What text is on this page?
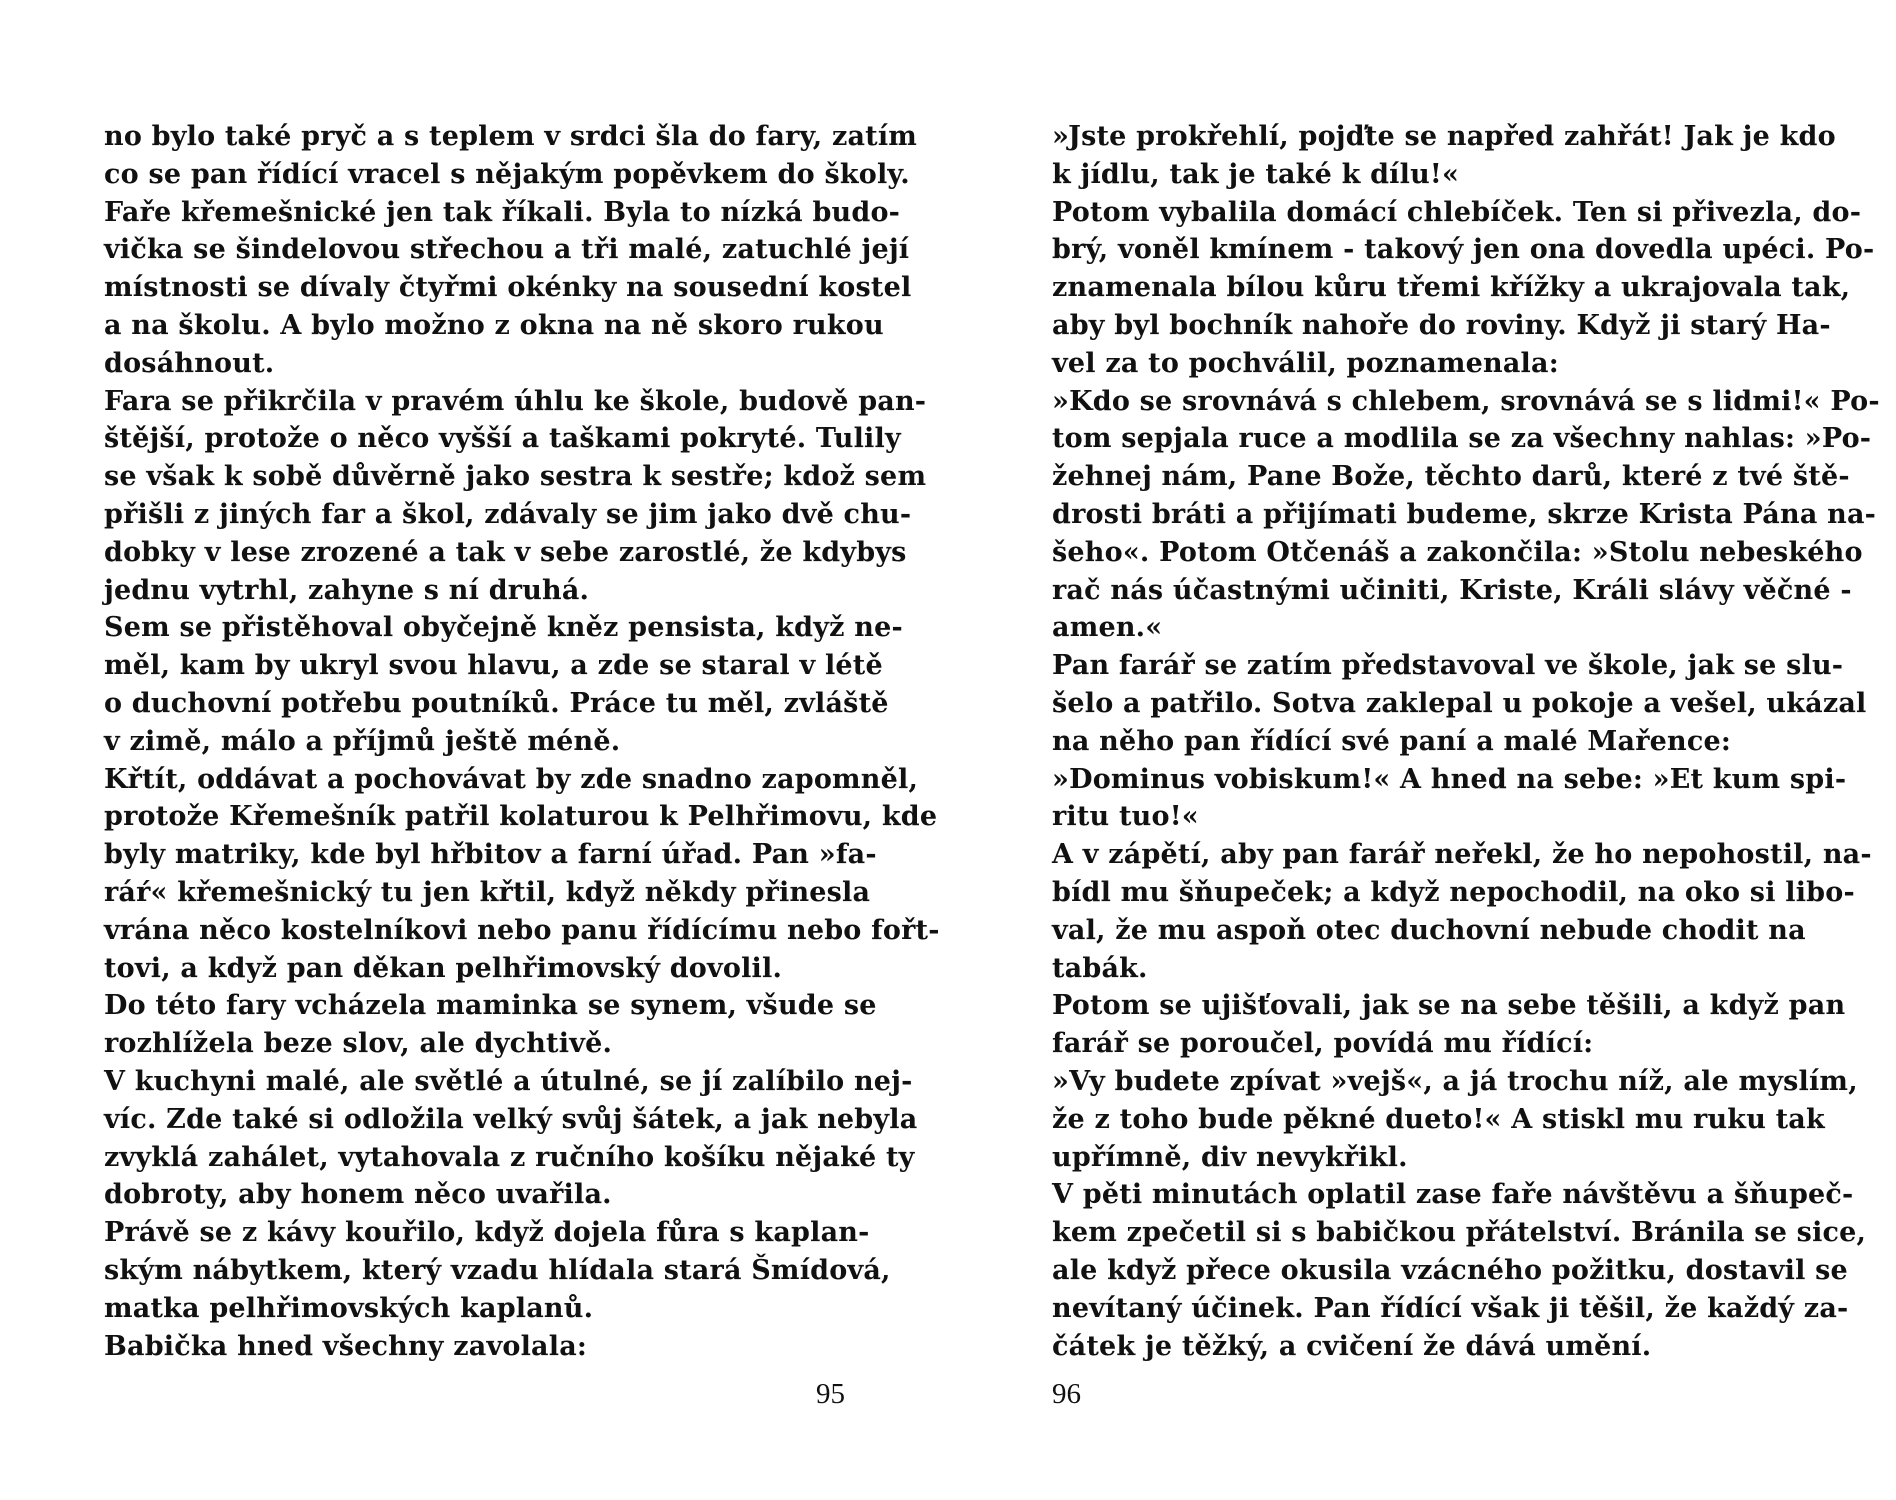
no bylo také pryč a s teplem v srdci šla do fary, zatím
co se pan řídící vracel s nějakým popěvkem do školy.
Faře křemešnické jen tak říkali. Byla to nízká budo-
vička se šindelovou střechou a tři malé, zatuchlé její
místnosti se dívaly čtyřmi okénky na sousední kostel
a na školu. A bylo možno z okna na ně skoro rukou
dosáhnout.
Fara se přikrčila v pravém úhlu ke škole, budově pan-
štější, protože o něco vyšší a taškami pokryté. Tulily
se však k sobě důvěrně jako sestra k sestře; kdož sem
přišli z jiných far a škol, zdávaly se jim jako dvě chu-
dobky v lese zrozené a tak v sebe zarostlé, že kdybys
jednu vytrhl, zahyne s ní druhá.
Sem se přistěhoval obyčejně kněz pensista, když ne-
měl, kam by ukryl svou hlavu, a zde se staral v létě
o duchovní potřebu poutníků. Práce tu měl, zvláště
v zimě, málo a příjmů ještě méně.
Křtít, oddávat a pochovávat by zde snadno zapomněl,
protože Křemešník patřil kolaturou k Pelhřimovu, kde
byly matriky, kde byl hřbitov a farní úřad. Pan »fa-
ráŕ« křemešnický tu jen křtil, když někdy přinesla
vrána něco kostelníkovi nebo panu řídícímu nebo fořt-
tovi, a když pan děkan pelhřimovský dovolil.
Do této fary vcházela maminka se synem, všude se
rozhlížela beze slov, ale dychtivě.
V kuchyni malé, ale světlé a útulné, se jí zalíbilo nej-
víc. Zde také si odložila velký svůj šátek, a jak nebyla
zvyklá zahálet, vytahovala z ručního košíku nějaké ty
dobroty, aby honem něco uvařila.
Právě se z kávy kouřilo, když dojela fůra s kaplan-
ským nábytkem, který vzadu hlídala stará Šmídová,
matka pelhřimovských kaplanů.
Babička hned všechny zavolala:
95
»Jste prokřehlí, pojďte se napřed zahřát! Jak je kdo
k jídlu, tak je také k dílu!«
Potom vybalila domácí chlebíček. Ten si přivezla, do-
brý, voněl kmínem - takový jen ona dovedla upéci. Po-
znamenala bílou kůru třemi křížky a ukrajovala tak,
aby byl bochník nahoře do roviny. Když ji starý Ha-
vel za to pochválil, poznamenala:
»Kdo se srovnává s chlebem, srovnává se s lidmi!« Po-
tom sepjala ruce a modlila se za všechny nahlas: »Po-
žehnej nám, Pane Bože, těchto darů, které z tvé ště-
drosti bráti a přijímati budeme, skrze Krista Pána na-
šeho«. Potom Otčenáš a zakončila: »Stolu nebeského
rač nás účastnými učiniti, Kriste, Králi slávy věčné -
amen.«
Pan farář se zatím představoval ve škole, jak se slu-
šelo a patřilo. Sotva zaklepal u pokoje a vešel, ukázal
na něho pan řídící své paní a malé Mařence:
»Dominus vobiskum!« A hned na sebe: »Et kum spi-
ritu tuo!«
A v zápětí, aby pan farář neřekl, že ho nepohostil, na-
bídl mu šňupeček; a když nepochodil, na oko si libo-
val, že mu aspoň otec duchovní nebude chodit na
tabák.
Potom se ujišťovali, jak se na sebe těšili, a když pan
farář se poroučel, povídá mu řídící:
»Vy budete zpívat »vejš«, a já trochu níž, ale myslím,
že z toho bude pěkné dueto!« A stiskl mu ruku tak
upřímně, div nevykřikl.
V pěti minutách oplatil zase faře návštěvu a šňupeč-
kem zpečetil si s babičkou přátelství. Bránila se sice,
ale když přece okusila vzácného požitku, dostavil se
nevítaný účinek. Pan řídící však ji těšil, že každý za-
čátek je těžký, a cvičení že dává umění.
96
